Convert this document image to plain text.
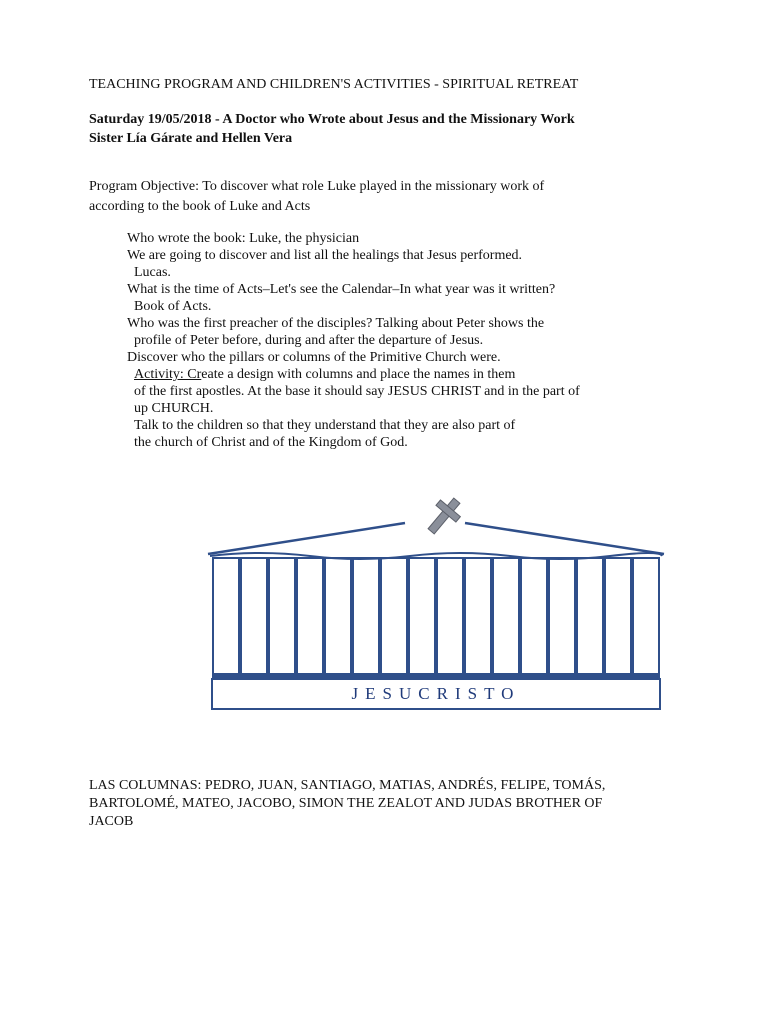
TEACHING PROGRAM AND CHILDREN'S ACTIVITIES - SPIRITUAL RETREAT
Saturday 19/05/2018 - A Doctor who Wrote about Jesus and the Missionary Work
Sister Lía Gárate and Hellen Vera
Program Objective: To discover what role Luke played in the missionary work of
according to the book of Luke and Acts
Who wrote the book: Luke, the physician
We are going to discover and list all the healings that Jesus performed.
Lucas.
What is the time of Acts–Let's see the Calendar–In what year was it written?
Book of Acts.
Who was the first preacher of the disciples? Talking about Peter shows the
profile of Peter before, during and after the departure of Jesus.
Discover who the pillars or columns of the Primitive Church were.
Activity: Create a design with columns and place the names in them
of the first apostles. At the base it should say JESUS CHRIST and in the part of
up CHURCH.
Talk to the children so that they understand that they are also part of
the church of Christ and of the Kingdom of God.
JESUCRISTO
LAS COLUMNAS: PEDRO, JUAN, SANTIAGO, MATIAS, ANDRÉS, FELIPE, TOMÁS,
BARTOLOMÉ, MATEO, JACOBO, SIMON THE ZEALOT AND JUDAS BROTHER OF
JACOB
